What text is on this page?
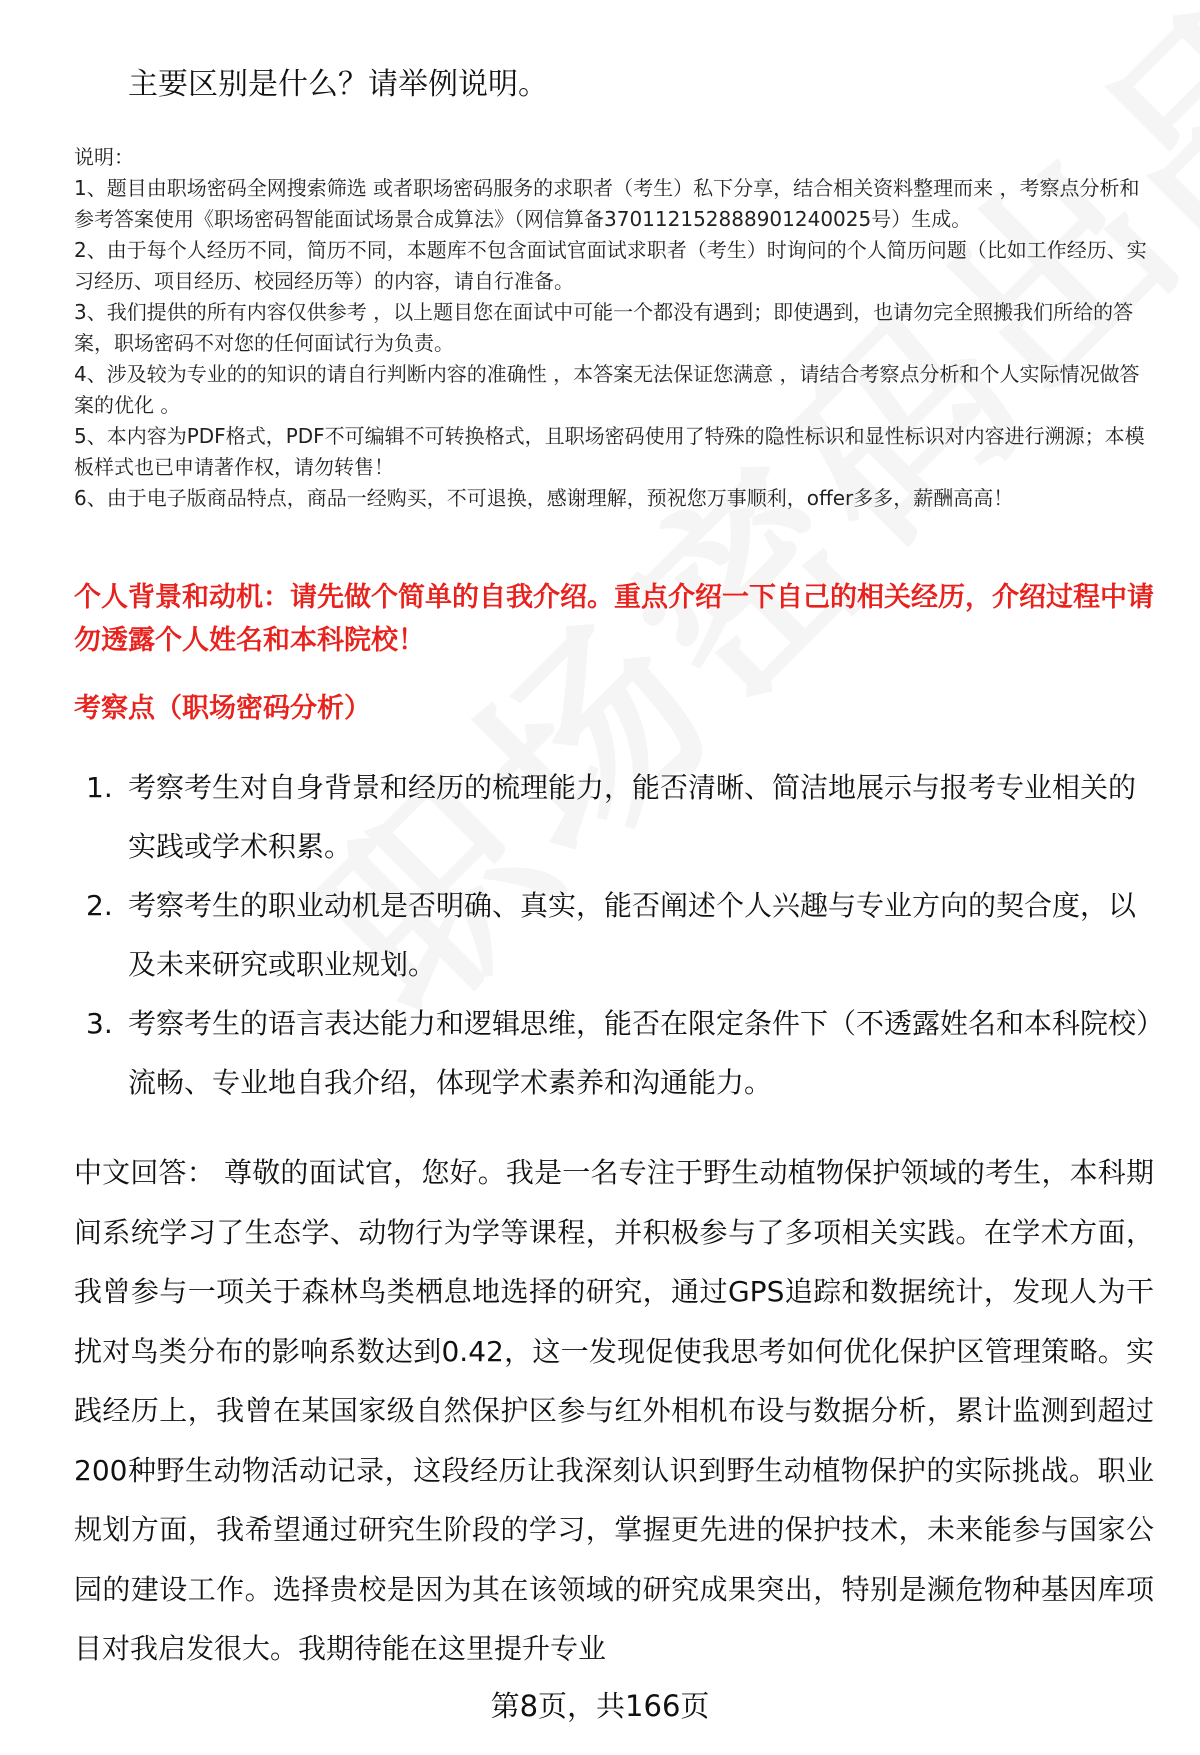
主要区别是什么？请举例说明。

说明：

1、题目由职场密码全网搜索筛选 或者职场密码服务的求职者（考生）私下分享，结合相关资料整理而来 ，考察点分析和参考答案使用《职场密码智能面试场景合成算法》（网信算备370112152888901240025号）生成。

2、由于每个人经历不同，简历不同，本题库不包含面试官面试求职者（考生）时询问的个人简历问题（比如工作经历、实习经历、项目经历、校园经历等）的内容，请自行准备。

3、我们提供的所有内容仅供参考 ，以上题目您在面试中可能一个都没有遇到；即使遇到，也请勿完全照搬我们所给的答案，职场密码不对您的任何面试行为负责。

4、涉及较为专业的的知识的请自行判断内容的准确性 ，本答案无法保证您满意 ，请结合考察点分析和个人实际情况做答案的优化 。

5、本内容为PDF格式，PDF不可编辑不可转换格式，且职场密码使用了特殊的隐性标识和显性标识对内容进行溯源；本模板样式也已申请著作权，请勿转售！

6、由于电子版商品特点，商品一经购买，不可退换，感谢理解，预祝您万事顺利，offer多多，薪酬高高！

个人背景和动机：请先做个简单的自我介绍。重点介绍一下自己的相关经历，介绍过程中请勿透露个人姓名和本科院校！
考察点（职场密码分析）
1. 考察考生对自身背景和经历的梳理能力，能否清晰、简洁地展示与报考专业相关的实践或学术积累。
2. 考察考生的职业动机是否明确、真实，能否阐述个人兴趣与专业方向的契合度，以及未来研究或职业规划。
3. 考察考生的语言表达能力和逻辑思维，能否在限定条件下（不透露姓名和本科院校）流畅、专业地自我介绍，体现学术素养和沟通能力。

中文回答： 尊敬的面试官，您好。我是一名专注于野生动植物保护领域的考生，本科期间系统学习了生态学、动物行为学等课程，并积极参与了多项相关实践。在学术方面，我曾参与一项关于森林鸟类栖息地选择的研究，通过GPS追踪和数据统计，发现人为干扰对鸟类分布的影响系数达到0.42，这一发现促使我思考如何优化保护区管理策略。实践经历上，我曾在某国家级自然保护区参与红外相机布设与数据分析，累计监测到超过200种野生动物活动记录，这段经历让我深刻认识到野生动植物保护的实际挑战。职业规划方面，我希望通过研究生阶段的学习，掌握更先进的保护技术，未来能参与国家公园的建设工作。选择贵校是因为其在该领域的研究成果突出，特别是濒危物种基因库项目对我启发很大。我期待能在这里提升专业

第8页，共166页
